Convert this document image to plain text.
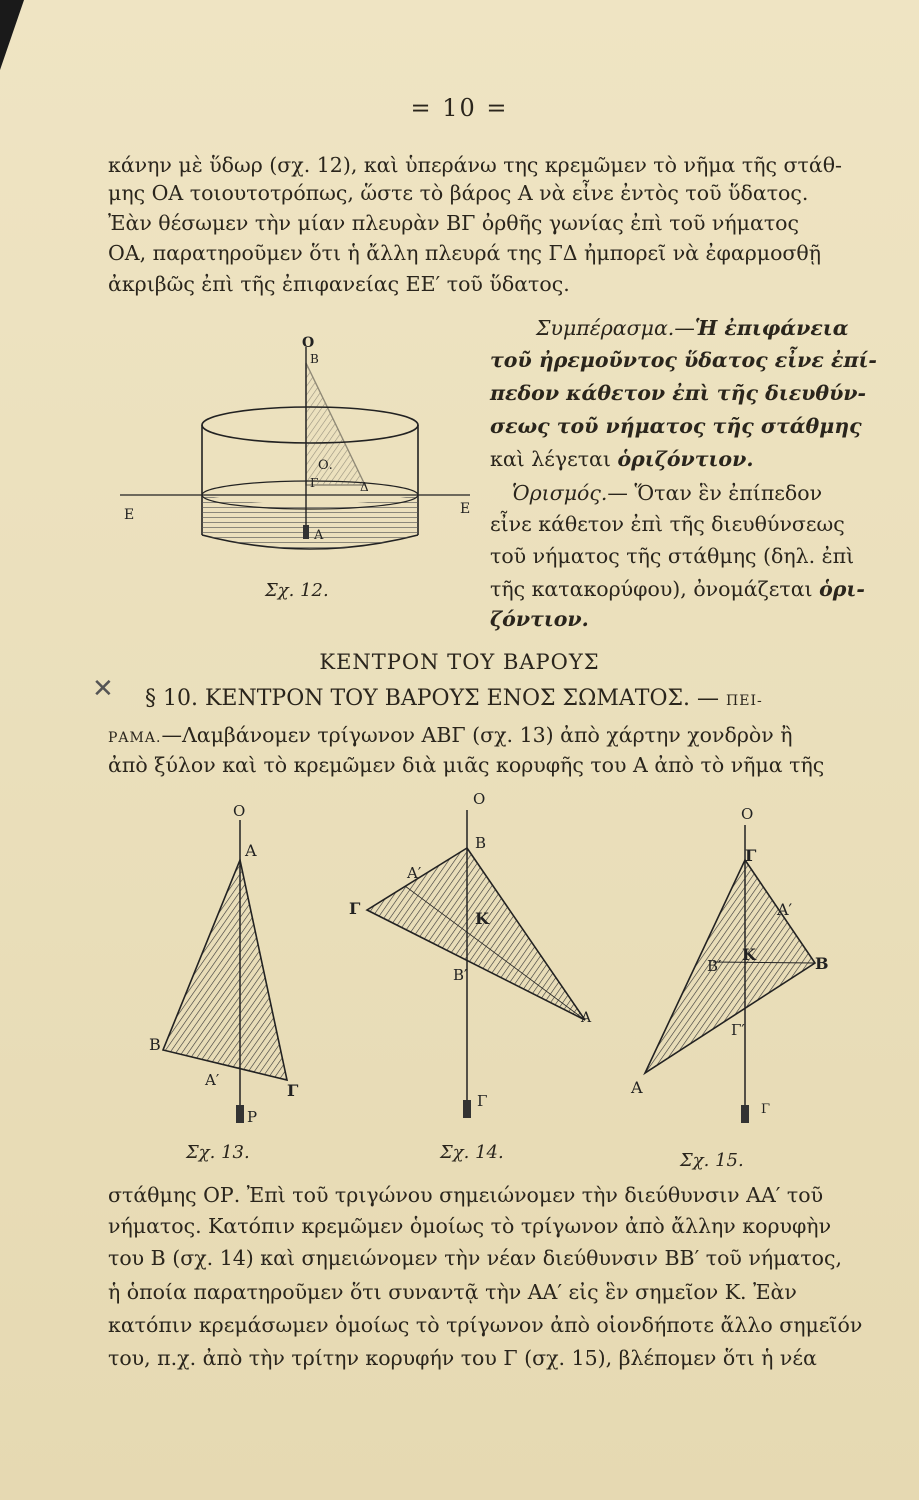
= 10 =
κάνην μὲ ὕδωρ (σχ. 12), καὶ ὑπεράνω της κρεμῶμεν τὸ νῆμα τῆς στάθ-
μης ΟΑ τοιουτοτρόπως, ὥστε τὸ βάρος Α νὰ εἶνε ἐντὸς τοῦ ὕδατος.
Ἐὰν θέσωμεν τὴν μίαν πλευρὰν ΒΓ ὀρθῆς γωνίας ἐπὶ τοῦ νήματος
ΟΑ, παρατηροῦμεν ὅτι ἡ ἄλλη πλευρά της ΓΔ ἠμπορεῖ νὰ ἐφαρμοσθῇ
ἀκριβῶς ἐπὶ τῆς ἐπιφανείας ΕΕ′ τοῦ ὕδατος.
Συμπέρασμα.—Ἡ ἐπιφάνεια
τοῦ ἠρεμοῦντος ὕδατος εἶνε ἐπί-
πεδον κάθετον ἐπὶ τῆς διευθύν-
σεως τοῦ νήματος τῆς στάθμης
καὶ λέγεται ὁριζόντιον.
Ὁρισμός.— Ὅταν ἓν ἐπίπεδον
εἶνε κάθετον ἐπὶ τῆς διευθύνσεως
τοῦ νήματος τῆς στάθμης (δηλ. ἐπὶ
τῆς κατακορύφου), ὀνομάζεται ὁρι-
ζόντιον.
Ο
Β
Ο.
Γ	Δ
Ε	Ε
Α
Σχ. 12.
ΚΕΝΤΡΟΝ ΤΟΥ ΒΑΡΟΥΣ
✕ § 10. ΚΕΝΤΡΟΝ ΤΟΥ ΒΑΡΟΥΣ ΕΝΟΣ ΣΩΜΑΤΟΣ. — ΠΕΙ-
ΡΑΜΑ.—Λαμβάνομεν τρίγωνον ΑΒΓ (σχ. 13) ἀπὸ χάρτην χονδρὸν ἢ
ἀπὸ ξύλον καὶ τὸ κρεμῶμεν διὰ μιᾶς κορυφῆς του Α ἀπὸ τὸ νῆμα τῆς
Ο
Α
Β
Α′
Γ
Ρ
Σχ. 13.
Ο
Β
Α′
Γ
Κ
Β′
Α
Γ
Σχ. 14.
Ο
Γ
Α′
Β′
Κ	Β
Γ′
Α
Γ
Σχ. 15.
στάθμης ΟΡ. Ἐπὶ τοῦ τριγώνου σημειώνομεν τὴν διεύθυνσιν ΑΑ′ τοῦ
νήματος. Κατόπιν κρεμῶμεν ὁμοίως τὸ τρίγωνον ἀπὸ ἄλλην κορυφὴν
του Β (σχ. 14) καὶ σημειώνομεν τὴν νέαν διεύθυνσιν ΒΒ′ τοῦ νήματος,
ἡ ὁποία παρατηροῦμεν ὅτι συναντᾷ τὴν ΑΑ′ εἰς ἓν σημεῖον Κ. Ἐὰν
κατόπιν κρεμάσωμεν ὁμοίως τὸ τρίγωνον ἀπὸ οἱονδήποτε ἄλλο σημεῖόν
του, π.χ. ἀπὸ τὴν τρίτην κορυφήν του Γ (σχ. 15), βλέπομεν ὅτι ἡ νέα
